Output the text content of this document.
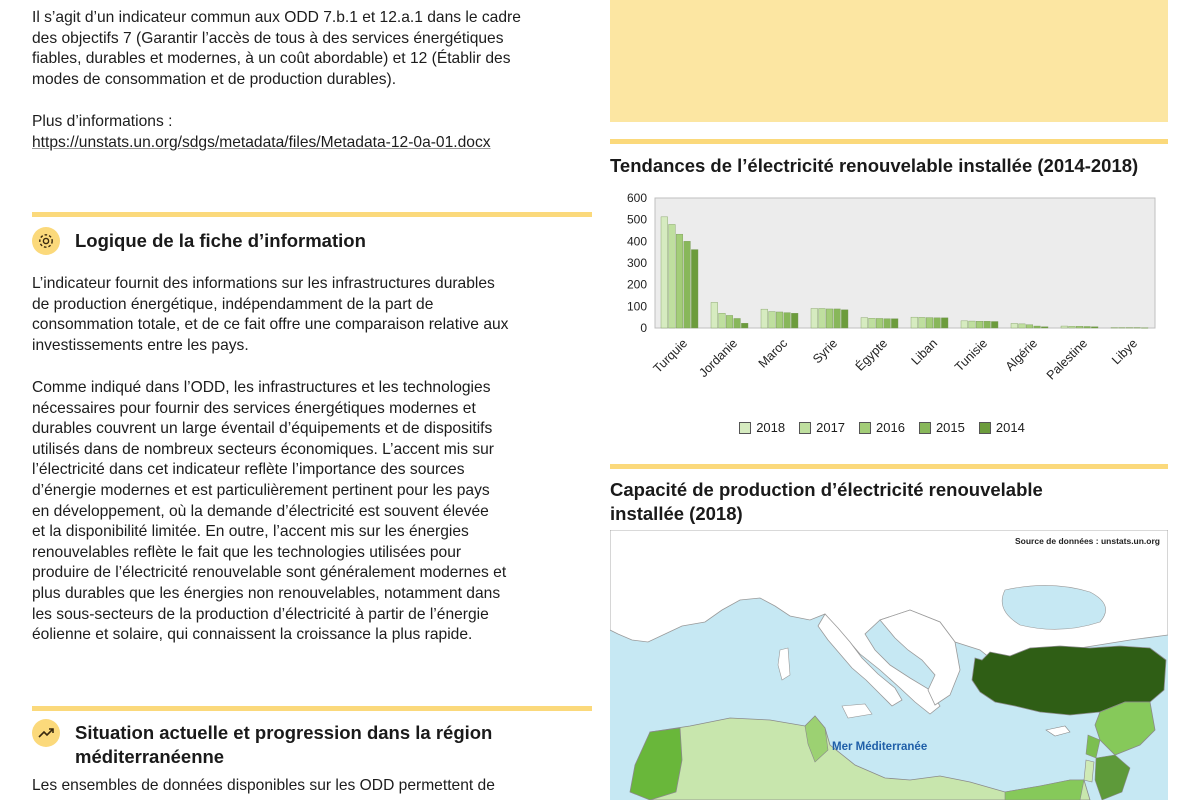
Il s’agit d’un indicateur commun aux ODD 7.b.1 et 12.a.1 dans le cadre
des objectifs 7 (Garantir l’accès de tous à des services énergétiques
fiables, durables et modernes, à un coût abordable) et 12 (Établir des
modes de consommation et de production durables).
Plus d’informations :
https://unstats.un.org/sdgs/metadata/files/Metadata-12-0a-01.docx
Logique de la fiche d’information
L’indicateur fournit des informations sur les infrastructures durables
de production énergétique, indépendamment de la part de
consommation totale, et de ce fait offre une comparaison relative aux
investissements entre les pays.
Comme indiqué dans l’ODD, les infrastructures et les technologies
nécessaires pour fournir des services énergétiques modernes et
durables couvrent un large éventail d’équipements et de dispositifs
utilisés dans de nombreux secteurs économiques. L’accent mis sur
l’électricité dans cet indicateur reflète l’importance des sources
d’énergie modernes et est particulièrement pertinent pour les pays
en développement, où la demande d’électricité est souvent élevée
et la disponibilité limitée. En outre, l’accent mis sur les énergies
renouvelables reflète le fait que les technologies utilisées pour
produire de l’électricité renouvelable sont généralement modernes et
plus durables que les énergies non renouvelables, notamment dans
les sous-secteurs de la production d’électricité à partir de l’énergie
éolienne et solaire, qui connaissent la croissance la plus rapide.
Situation actuelle et progression dans la région
méditerranéenne
Les ensembles de données disponibles sur les ODD permettent de
Tendances de l’électricité renouvelable installée (2014-2018)
0
100
200
300
400
500
600
Turquie Jordanie Maroc Syrie Égypte Liban Tunisie Algérie Palestine Libye
2018 2017 2016 2015 2014
Capacité de production d’électricité renouvelable
installée (2018)
Source de données : unstats.un.org
Mer Méditerranée
